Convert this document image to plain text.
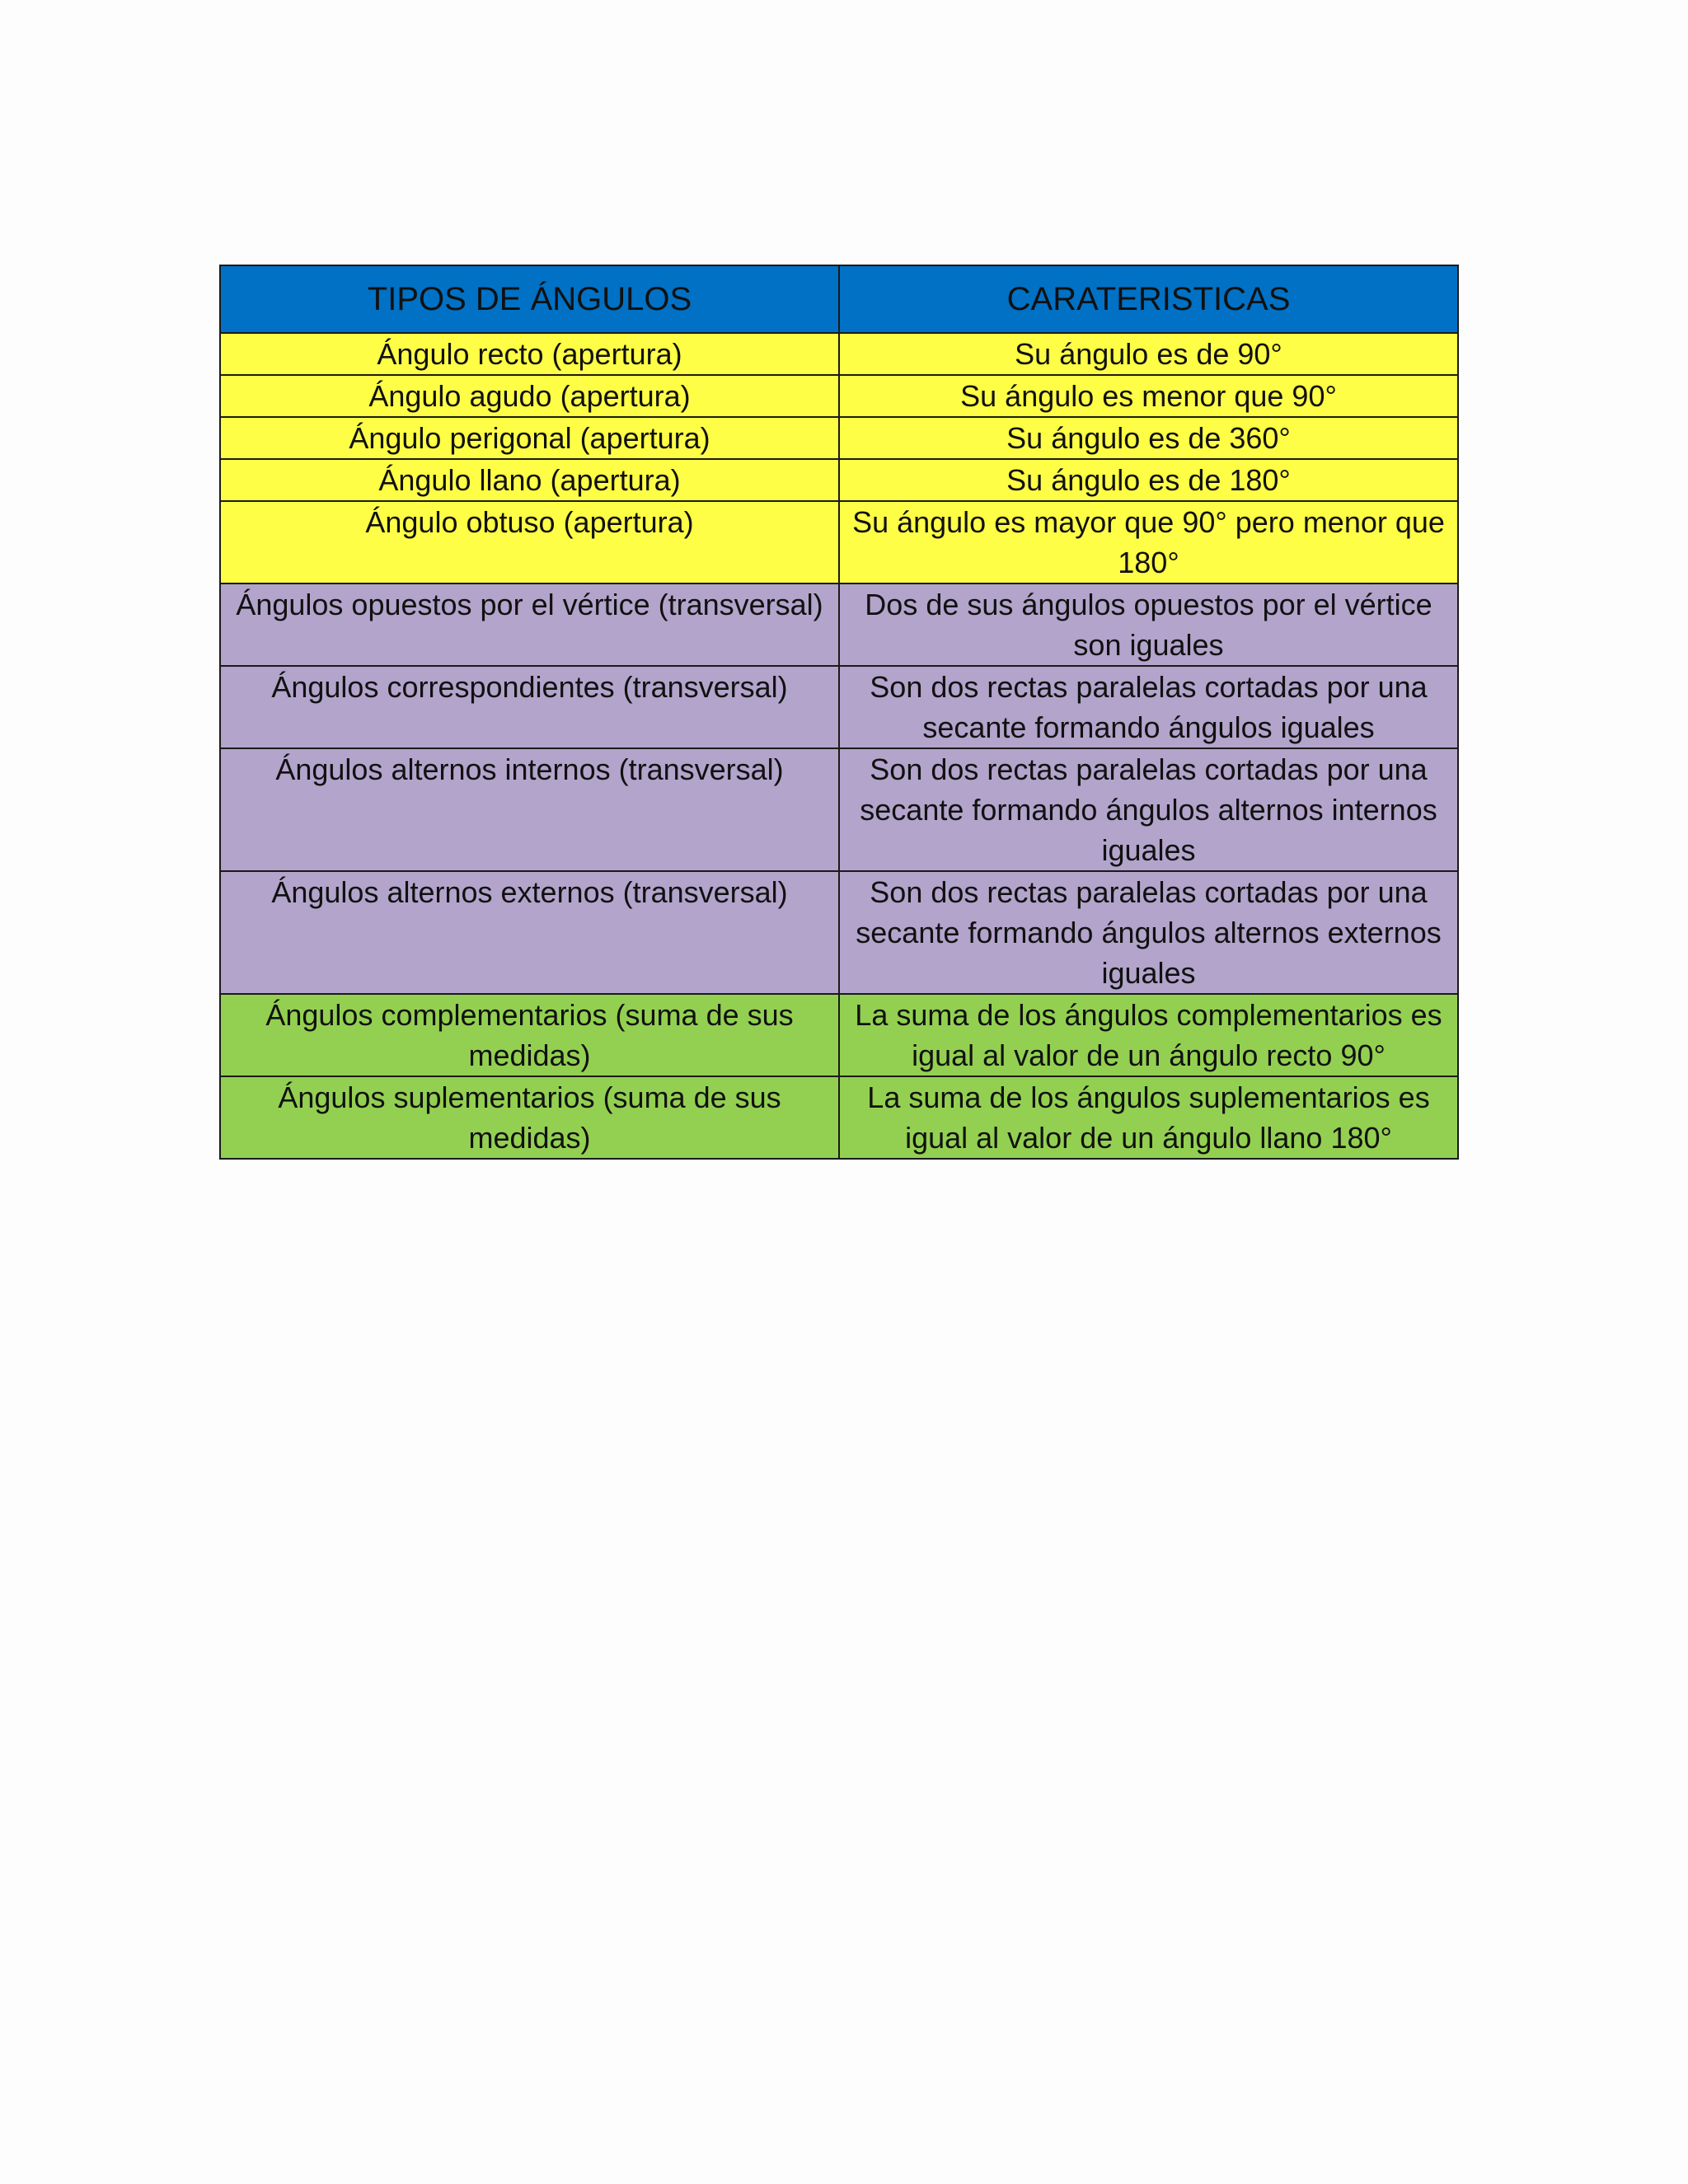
TIPOS DE ÁNGULOS	CARATERISTICAS
Ángulo recto (apertura)	Su ángulo es de 90°
Ángulo agudo (apertura)	Su ángulo es menor que 90°
Ángulo perigonal (apertura)	Su ángulo es de 360°
Ángulo llano (apertura)	Su ángulo es de 180°
Ángulo obtuso (apertura)	Su ángulo es mayor que 90° pero menor que 180°
Ángulos opuestos por el vértice (transversal)	Dos de sus ángulos opuestos por el vértice son iguales
Ángulos correspondientes (transversal)	Son dos rectas paralelas cortadas por una secante formando ángulos iguales
Ángulos alternos internos (transversal)	Son dos rectas paralelas cortadas por una secante formando ángulos alternos internos iguales
Ángulos alternos externos (transversal)	Son dos rectas paralelas cortadas por una secante formando ángulos alternos externos iguales
Ángulos complementarios (suma de sus medidas)	La suma de los ángulos complementarios es igual al valor de un ángulo recto 90°
Ángulos suplementarios (suma de sus medidas)	La suma de los ángulos suplementarios es igual al valor de un ángulo llano 180°
